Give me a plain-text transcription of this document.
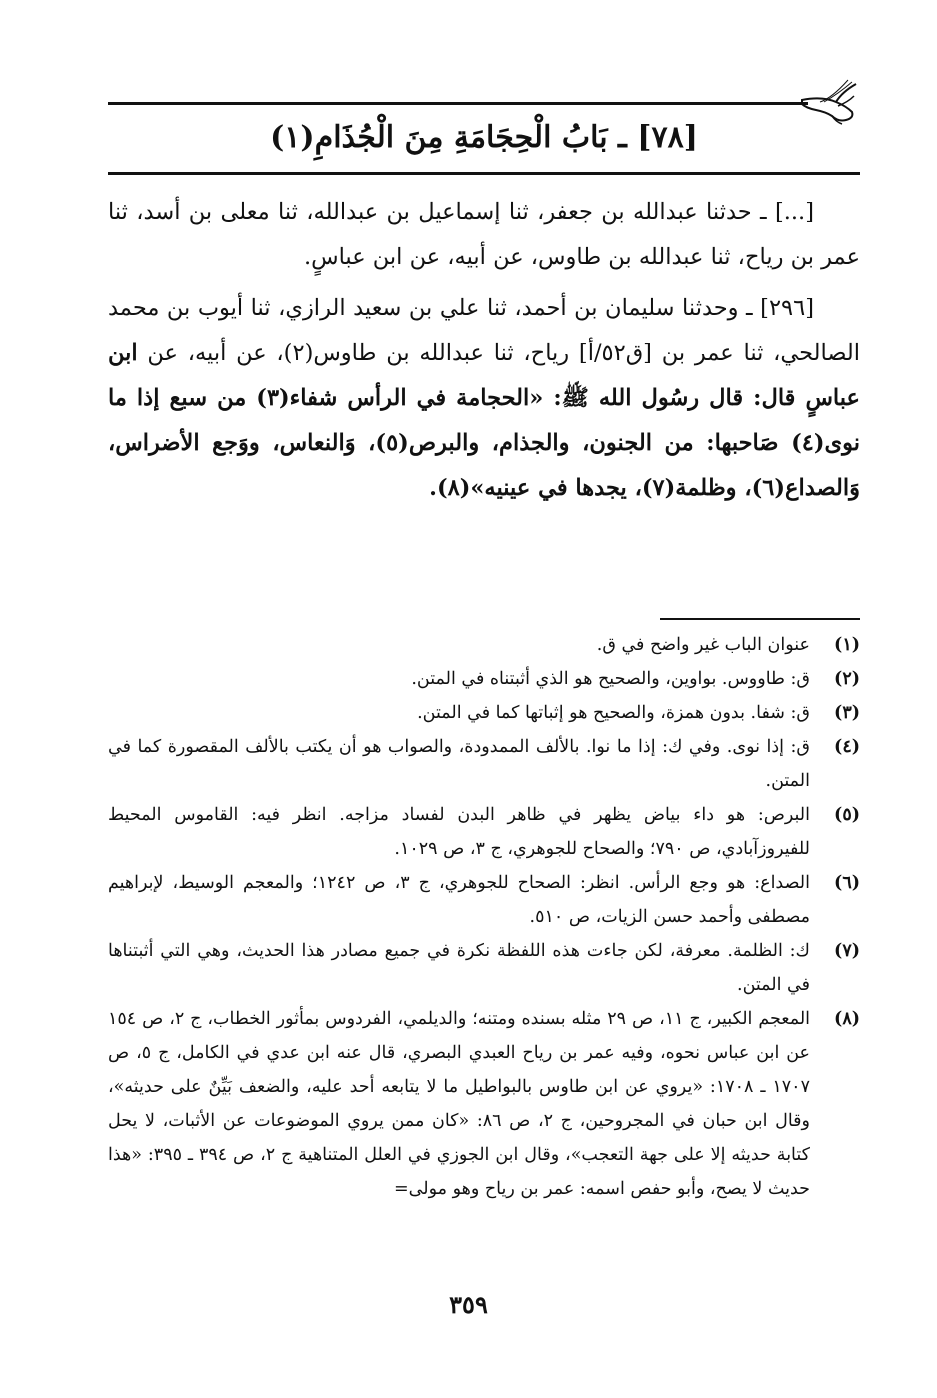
[٧٨] ـ بَابُ الْحِجَامَةِ مِنَ الْجُذَامِ(١)

[...] ـ حدثنا عبدالله بن جعفر، ثنا إسماعيل بن عبدالله، ثنا معلى بن أسد، ثنا عمر بن رياح، ثنا عبدالله بن طاوس، عن أبيه، عن ابن عباسٍ.

[٢٩٦] ـ وحدثنا سليمان بن أحمد، ثنا علي بن سعيد الرازي، ثنا أيوب بن محمد الصالحي، ثنا عمر بن [ق٥٢/أ] رياح، ثنا عبدالله بن طاوس(٢)، عن أبيه، عن ابن عباسٍ قال: قال رسُول الله ﷺ: «الحجامة في الرأس شفاء(٣) من سبع إذا ما نوى(٤) صَاحبها: من الجنون، والجذام، والبرص(٥)، وَالنعاس، ووَجع الأضراس، وَالصداع(٦)، وظلمة(٧)، يجدها في عينيه»(٨).

(١)
عنوان الباب غير واضح في ق.
(٢)
ق: طاووس. بواوين، والصحيح هو الذي أثبتناه في المتن.
(٣)
ق: شفا. بدون همزة، والصحيح هو إثباتها كما في المتن.
(٤)
ق: إذا نوى. وفي ك: إذا ما نوا. بالألف الممدودة، والصواب هو أن يكتب بالألف المقصورة كما في المتن.
(٥)
البرص: هو داء بياض يظهر في ظاهر البدن لفساد مزاجه. انظر فيه: القاموس المحيط للفيروزآبادي، ص ٧٩٠؛ والصحاح للجوهري، ج ٣، ص ١٠٢٩.
(٦)
الصداع: هو وجع الرأس. انظر: الصحاح للجوهري، ج ٣، ص ١٢٤٢؛ والمعجم الوسيط، لإبراهيم مصطفى وأحمد حسن الزيات، ص ٥١٠.
(٧)
ك: الظلمة. معرفة، لكن جاءت هذه اللفظة نكرة في جميع مصادر هذا الحديث، وهي التي أثبتناها في المتن.
(٨)
المعجم الكبير، ج ١١، ص ٢٩ مثله بسنده ومتنه؛ والديلمي، الفردوس بمأثور الخطاب، ج ٢، ص ١٥٤ عن ابن عباس نحوه، وفيه عمر بن رياح العبدي البصري، قال عنه ابن عدي في الكامل، ج ٥، ص ١٧٠٧ ـ ١٧٠٨: «يروي عن ابن طاوس بالبواطيل ما لا يتابعه أحد عليه، والضعف بَيِّنٌ على حديثه»، وقال ابن حبان في المجروحين، ج ٢، ص ٨٦: «كان ممن يروي الموضوعات عن الأثبات، لا يحل كتابة حديثه إلا على جهة التعجب»، وقال ابن الجوزي في العلل المتناهية ج ٢، ص ٣٩٤ ـ ٣٩٥: «هذا حديث لا يصح، وأبو حفص اسمه: عمر بن رياح وهو مولى=
٣٥٩
